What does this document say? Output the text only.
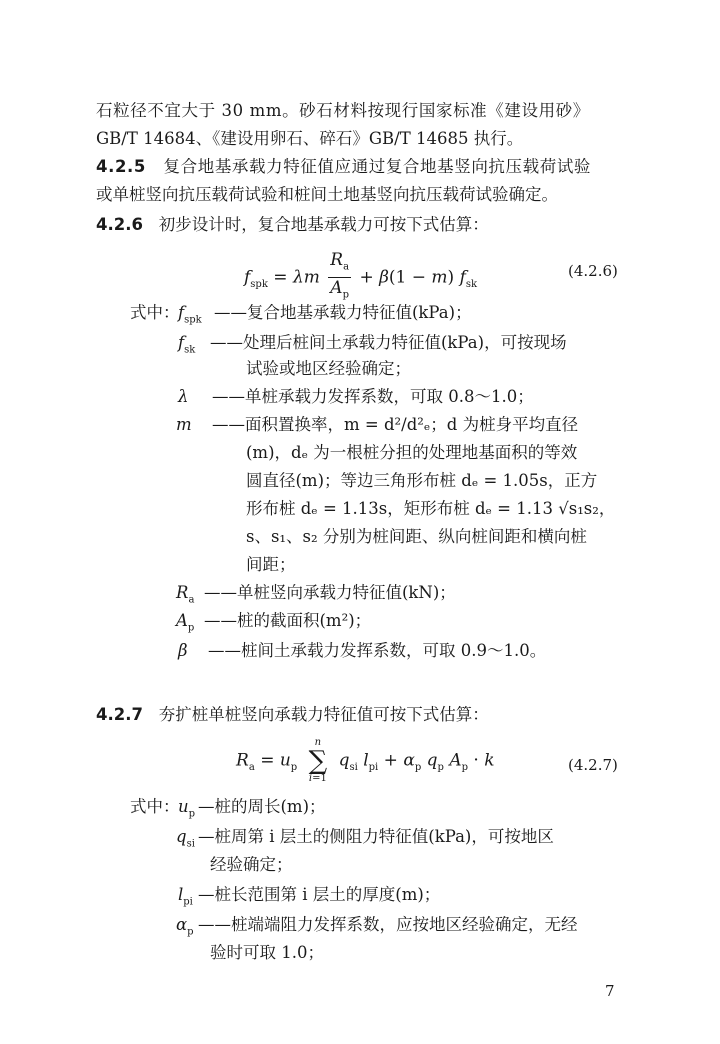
石粒径不宜大于 30 mm。砂石材料按现行国家标准《建设用砂》
GB/T 14684、《建设用卵石、碎石》GB/T 14685 执行。
4.2.5 复合地基承载力特征值应通过复合地基竖向抗压载荷试验
或单桩竖向抗压载荷试验和桩间土地基竖向抗压载荷试验确定。
4.2.6 初步设计时，复合地基承载力可按下式估算：
$f_{spk} = \lambda m \frac{R_a}{A_p} + \beta(1 - m)$ $f_{sk}$
(4.2.6)
式中：
$f_{spk}$ ——复合地基承载力特征值(kPa)；
$f_{sk}$ ——处理后桩间土承载力特征值(kPa)，可按现场
试验或地区经验确定；
λ ——单桩承载力发挥系数，可取 0.8～1.0；
m ——面积置换率，m = d²/d²ₑ；d 为桩身平均直径
(m)，dₑ 为一根桩分担的处理地基面积的等效
圆直径(m)；等边三角形布桩 dₑ = 1.05s，正方
形布桩 dₑ = 1.13s，矩形布桩 dₑ = 1.13 √s₁s₂，
s、s₁、s₂ 分别为桩间距、纵向桩间距和横向桩
间距；
$R_a$ ——单桩竖向承载力特征值(kN)；
$A_p$ ——桩的截面积(m²)；
β ——桩间土承载力发挥系数，可取 0.9～1.0。
4.2.7 夯扩桩单桩竖向承载力特征值可按下式估算：
$R_a = u_p$
n
∑
i=1
$q_{si}$ $l_{pi} + \alpha_p$ $q_p$ $A_p \cdot k$	(4.2.7)
式中：
$u_p$ —桩的周长(m)；
$q_{si}$ —桩周第 i 层土的侧阻力特征值(kPa)，可按地区
经验确定；
$l_{pi}$ —桩长范围第 i 层土的厚度(m)；
$\alpha_p$ ——桩端端阻力发挥系数，应按地区经验确定，无经
验时可取 1.0；
7
